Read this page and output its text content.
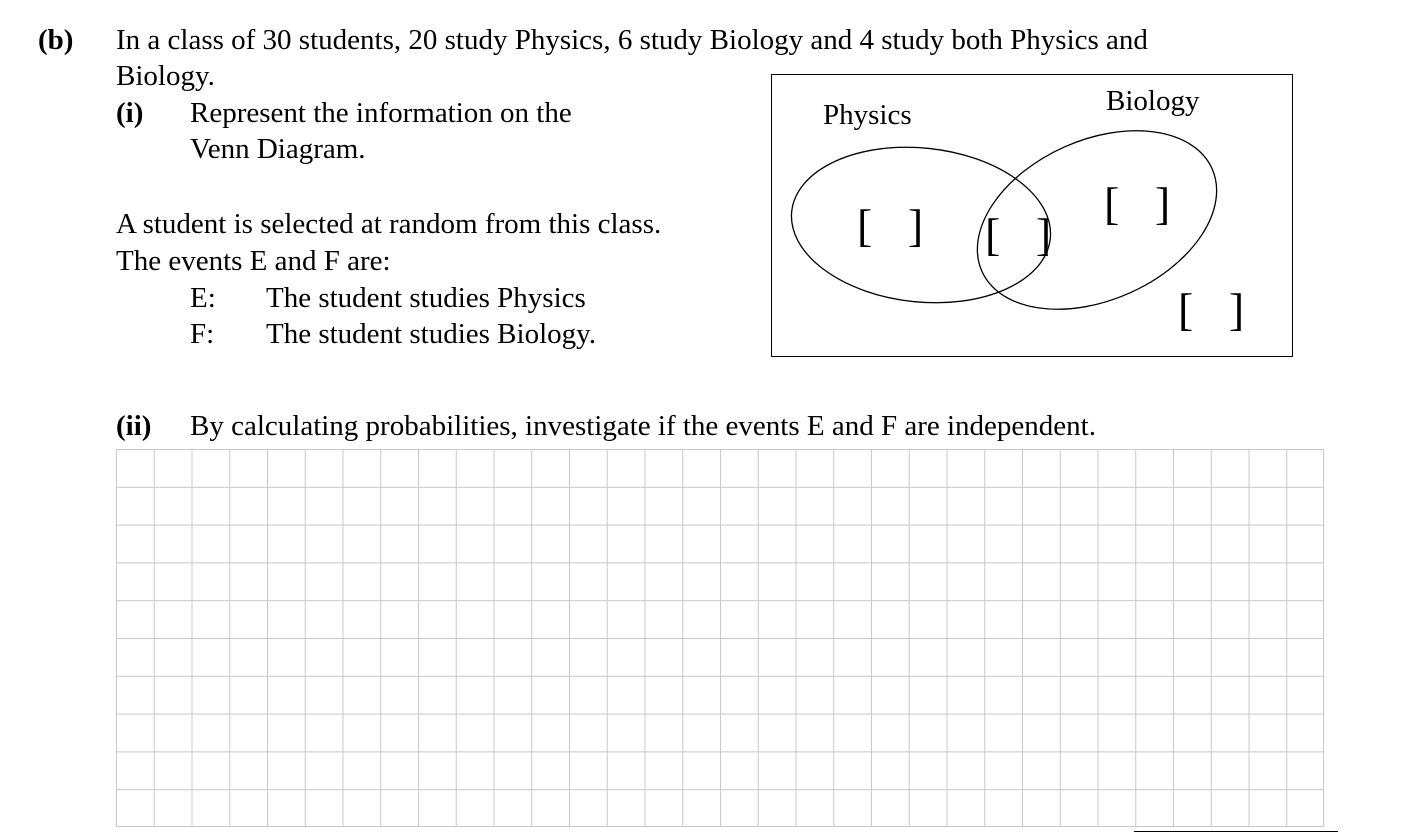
(b) In a class of 30 students, 20 study Physics, 6 study Biology and 4 study both Physics and
Biology.
(i) Represent the information on the
Venn Diagram.
A student is selected at random from this class.
The events E and F are:
E: The student studies Physics
F: The student studies Biology.
Physics	Biology
[ ] [ ]
[ ]
[ ]
(ii) By calculating probabilities, investigate if the events E and F are independent.
